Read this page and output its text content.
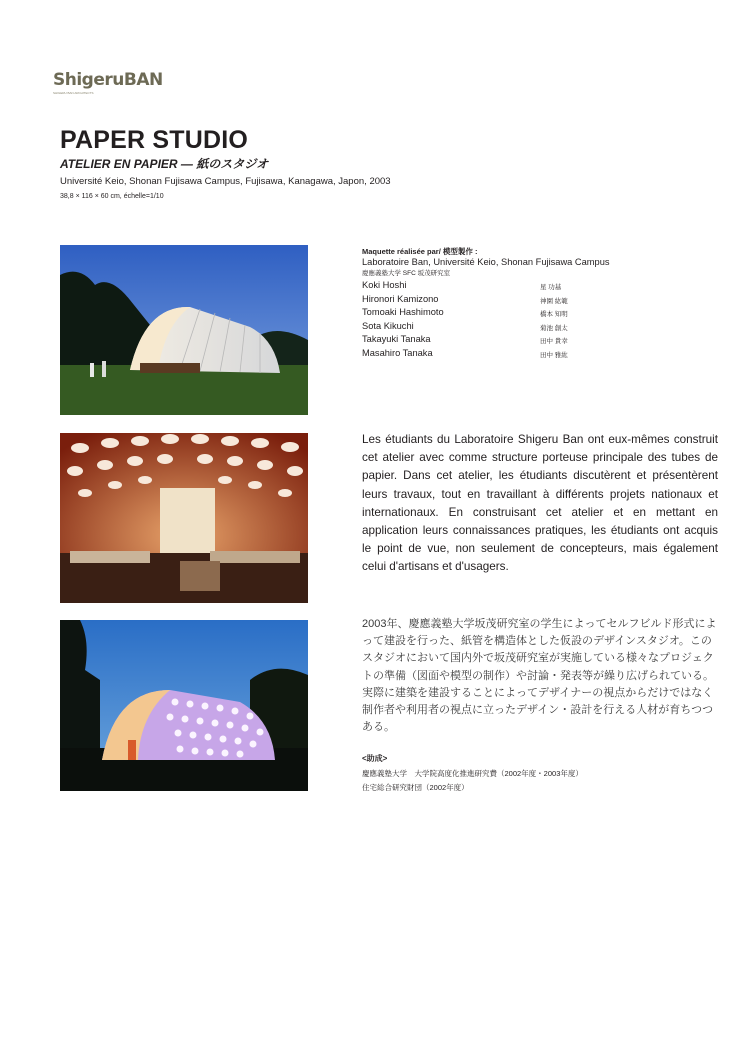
ShigeruBAN
SHIGERU BAN ARCHITECTS
PAPER STUDIO
ATELIER EN PAPIER — 紙のスタジオ
Université Keio, Shonan Fujisawa Campus, Fujisawa, Kanagawa, Japon, 2003
38,8 × 116 × 60 cm, échelle=1/10
Maquette réalisée par/ 模型製作 :
Laboratoire Ban, Université Keio, Shonan Fujisawa Campus
慶應義塾大学 SFC 坂茂研究室
Koki Hoshi	星 功基
Hironori Kamizono	神園 紘範
Tomoaki Hashimoto	橋本 知明
Sota Kikuchi	菊池 創太
Takayuki Tanaka	田中 貴幸
Masahiro Tanaka	田中 雅紘
Les étudiants du Laboratoire Shigeru Ban ont eux-mêmes construit cet atelier avec comme structure porteuse principale des tubes de papier. Dans cet atelier, les étudiants discutèrent et présentèrent leurs travaux, tout en travaillant à différents projets nationaux et internationaux. En construisant cet atelier et en mettant en application leurs connaissances pratiques, les étudiants ont acquis le point de vue, non seulement de concepteurs, mais également celui d'artisans et d'usagers.
2003年、慶應義塾大学坂茂研究室の学生によってセルフビルド形式によって建設を行った、紙管を構造体とした仮設のデザインスタジオ。このスタジオにおいて国内外で坂茂研究室が実施している様々なプロジェクトの準備（図面や模型の制作）や討論・発表等が繰り広げられている。実際に建築を建設することによってデザイナーの視点からだけではなく制作者や利用者の視点に立ったデザイン・設計を行える人材が育ちつつある。
<助成>
慶應義塾大学　大学院高度化推進研究費（2002年度・2003年度）
住宅総合研究財団（2002年度）
